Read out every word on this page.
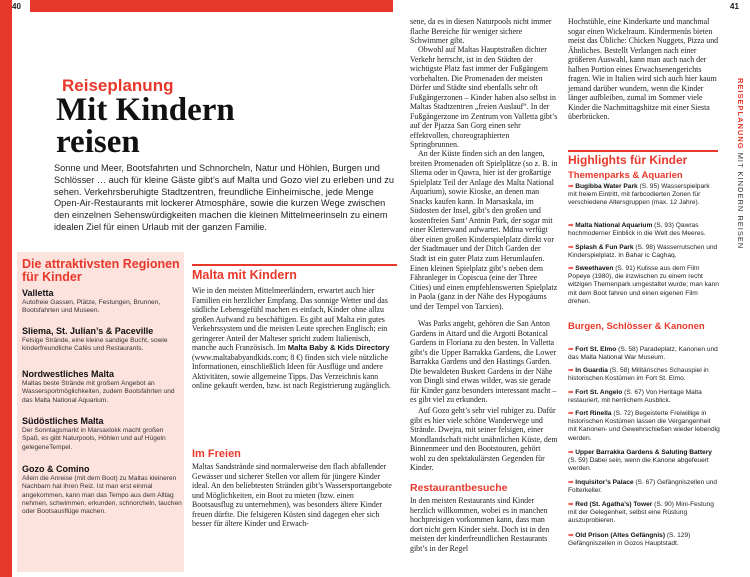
40
Reiseplanung
Mit Kindern
reisen
Sonne und Meer, Bootsfahrten und Schnorcheln, Natur und Höhlen, Burgen und Schlösser … auch für kleine Gäste gibt’s auf Malta und Gozo viel zu erleben und zu sehen. Verkehrsberuhigte Stadtzentren, freundliche Einheimische, jede Menge Open-Air-Restaurants mit lockerer Atmosphäre, sowie die kurzen Wege zwischen den einzelnen Sehenswürdigkeiten machen die kleinen Mittelmeerinseln zu einem idealen Ziel für einen Urlaub mit der ganzen Familie.
Die attraktivsten Regionen für Kinder
Valletta
Autofreie Gassen, Plätze, Festungen, Brunnen, Bootsfahrten und Museen.
Sliema, St. Julian’s & Paceville
Felsige Strände, eine kleine sandige Bucht, sowie kinderfreundliche Cafés und Restaurants.
Nordwestliches Malta
Maltas beste Strände mit großem Angebot an Wassersportmöglichkeiten, zudem Bootsfahrten und das Malta National Aquarium.
Südöstliches Malta
Der Sonntagsmarkt in Marsaxlokk macht großen Spaß, es gibt Naturpools, Höhlen und auf Hügeln gelegeneTempel.
Gozo & Comino
Allein die Anreise (mit dem Boot) zu Maltas kleineren Nachbarn hat ihren Reiz. Ist man erst einmal angekommen, kann man das Tempo aus dem Alltag nehmen, schwimmen, erkunden, schnorcheln, tauchen oder Bootsausflüge machen.
Malta mit Kindern
Wie in den meisten Mittelmeerländern, erwartet auch hier Familien ein herzlicher Empfang. Das sonnige Wetter und das südliche Lebensgefühl machen es einfach, Kinder ohne allzu großen Aufwand zu beschäftigen. Es gibt auf Malta ein gutes Verkehrssystem und die meisten Leute sprechen Englisch; ein geringerer Anteil der Malteser spricht zudem Italienisch, manche auch Französisch. Im Malta Baby & Kids Directory (www.maltababyandkids.com; 8 €) finden sich viele nützliche Informationen, einschließlich Ideen für Ausflüge und andere Aktivitäten, sowie allgemeine Tipps. Das Verzeichnis kann online gekauft werden, bzw. ist nach Registrierung zugänglich.
Im Freien
Maltas Sandstrände sind normalerweise den flach abfallender Gewässer und sicherer Stellen vor allem für jüngere Kinder ideal. An den beliebtesten Stränden gibt’s Wassersportangebote und Möglichkeiten, ein Boot zu mieten (bzw. einen Bootsausflug zu unternehmen), was besonders ältere Kinder freuen dürfte. Die felsigeren Küsten sind dagegen eher sich besser für ältere Kinder und Erwach-
sene, da es in diesen Naturpools nicht immer flache Bereiche für weniger sichere Schwimmer gibt.
Obwohl auf Maltas Hauptstraßen dichter Verkehr herrscht, ist in den Städten der wichtigste Platz fast immer der Fußgängern vorbehalten. Die Promenaden der meisten Dörfer und Städte sind ebenfalls sehr oft Fußgängerzonen – Kinder haben also selbst in Maltas Stadtzentren „freien Auslauf“. In der Fußgängerzone im Zentrum von Valletta gibt’s auf der Pjazza San Gorg einen sehr effektvollen, choreographierten Springbrunnen.
An der Küste finden sich an den langen, breiten Promenaden oft Spielplätze (so z. B. in Sliema oder in Qawra, hier ist der großartige Spielplatz Teil der Anlage des Malta National Aquarium), sowie Kioske, an denen man Snacks kaufen kann. In Marsaskala, im Südosten der Insel, gibt’s den großen und kostenfreien Sant’ Antnin Park, der sogar mit einer Kletterwand aufwartet. Mdina verfügt über einen großen Kinderspielplatz direkt vor der Stadtmauer und der Ditch Garden der Stadt ist ein guter Platz zum Herumlaufen. Einen kleinen Spielplatz gibt’s neben dem Fähranleger in Copiscua (eine der Three Cities) und einen empfehlenswerten Spielplatz in Paola (ganz in der Nähe des Hypogäums und der Tempel von Tarxien).
Was Parks angeht, gehören die San Anton Gardens in Attard und die Argotti Botanical Gardens in Floriana zu den besten. In Valletta gibt’s die Upper Barrakka Gardens, die Lower Barrakka Gardens und den Hastings Garden. Die bewaldeten Buskett Gardens in der Nähe von Dingli sind etwas wilder, was sie gerade für Kinder ganz besonders interessant macht – es gibt viel zu erkunden.
Auf Gozo geht’s sehr viel ruhiger zu. Dafür gibt es hier viele schöne Wanderwege und Strände. Dwejra, mit seiner felsigen, einer Mondlandschaft nicht unähnlichen Küste, dem Binnenmeer und den Bootstouren, gehört wohl zu den spektakulärsten Gegenden für Kinder.
Restaurantbesuche
In den meisten Restaurants sind Kinder herzlich willkommen, wobei es in manchen hochpreisigen vorkommen kann, dass man dort nicht gern Kinder sieht. Doch ist in den meisten der kinderfreundlichen Restaurants gibt’s in der Regel
Hochstühle, eine Kinderkarte und manchmal sogar einen Wickelraum. Kindermenüs bieten meist das Übliche: Chicken Nuggets, Pizza und Ähnliches. Bestellt Verlangen nach einer größeren Auswahl, kann man auch nach der halben Portion eines Erwachsenengerichts fragen. Wie in Italien wird sich auch hier kaum jemand darüber wundern, wenn die Kinder länger aufbleiben, zumal im Sommer viele Kinder die Nachmittagshitze mit einer Siesta überbrücken.
Highlights für Kinder
Themenparks & Aquarien
➡ Bugibba Water Park (S. 95) Wasserspielpark mit freiem Eintritt, mit farbcodierten Zonen für verschiedene Altersgruppen (max. 12 Jahre).
➡ Malta National Aquarium (S. 93) Qawras hochmoderner Einblick in die Welt des Meeres.
➡ Splash & Fun Park (S. 98) Wasserrutschen und Kinderspielplatz. In Bahar ic Caghaq.
➡ Sweethaven (S. 91) Kulisse aus dem Film Popeye (1980), die inzwischen zu einem recht witzigen Themenpark umgestaltet wurde; man kann mit dem Boot fahren und einen eigenen Film drehen.
Burgen, Schlösser & Kanonen
➡ Fort St. Elmo (S. 58) Paradeplatz, Kanonen und das Malta National War Museum.
➡ In Guardia (S. 58) Militärisches Schauspiel in historischen Kostümen im Fort St. Elmo.
➡ Fort St. Angelo (S. 67) Von Heritage Malta restauriert, mit herrlichem Ausblick.
➡ Fort Rinella (S. 72) Begeisterte Freiwillige in historischen Kostümen lassen die Vergangenheit mit Kanonen- und Gewehrschießen wieder lebendig werden.
➡ Upper Barrakka Gardens & Saluting Battery (S. 59) Dabei sein, wenn die Kanone abgefeuert werden.
➡ Inquisitor’s Palace (S. 67) Gefängniszellen und Folterkeller.
➡ Red (St. Agatha’s) Tower (S. 90) Mini-Festung mit der Gelegenheit, selbst eine Rüstung auszuprobieren.
➡ Old Prison (Altes Gefängnis) (S. 129) Gefängniszellen in Gozos Hauptstadt.
41
REISEPLANUNG MIT KINDERN REISEN
